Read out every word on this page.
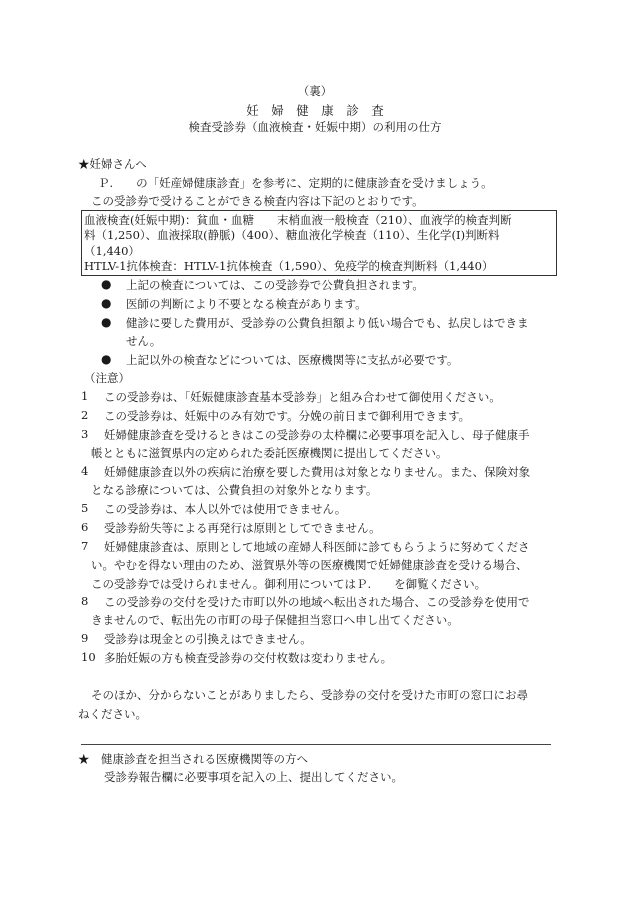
（裏）
妊　婦　健　康　診　査
検査受診券（血液検査・妊娠中期）の利用の仕方
★妊婦さんへ
Ｐ.　　の「妊産婦健康診査」を参考に、定期的に健康診査を受けましょう。
この受診券で受けることができる検査内容は下記のとおりです。
血液検査(妊娠中期)：貧血・血糖　　末梢血液一般検査（210）、血液学的検査判断
料（1,250）、血液採取(静脈)（400）、糖血液化学検査（110）、生化学(Ⅰ)判断料
（1,440）
HTLV-1抗体検査：HTLV-1抗体検査（1,590）、免疫学的検査判断料（1,440）
● 上記の検査については、この受診券で公費負担されます。
● 医師の判断により不要となる検査があります。
● 健診に要した費用が、受診券の公費負担額より低い場合でも、払戻しはできま
せん。
● 上記以外の検査などについては、医療機関等に支払が必要です。
（注意）
1 この受診券は、「妊娠健康診査基本受診券」と組み合わせて御使用ください。
2 この受診券は、妊娠中のみ有効です。分娩の前日まで御利用できます。
3 妊婦健康診査を受けるときはこの受診券の太枠欄に必要事項を記入し、母子健康手
帳とともに滋賀県内の定められた委託医療機関に提出してください。
4 妊婦健康診査以外の疾病に治療を要した費用は対象となりません。また、保険対象
となる診療については、公費負担の対象外となります。
5 この受診券は、本人以外では使用できません。
6 受診券紛失等による再発行は原則としてできません。
7 妊婦健康診査は、原則として地域の産婦人科医師に診てもらうように努めてくださ
い。やむを得ない理由のため、滋賀県外等の医療機関で妊婦健康診査を受ける場合、
この受診券では受けられません。御利用についてはＰ.　　を御覧ください。
8 この受診券の交付を受けた市町以外の地域へ転出された場合、この受診券を使用で
きませんので、転出先の市町の母子保健担当窓口へ申し出てください。
9 受診券は現金との引換えはできません。
10 多胎妊娠の方も検査受診券の交付枚数は変わりません。
そのほか、分からないことがありましたら、受診券の交付を受けた市町の窓口にお尋
ねください。
★　健康診査を担当される医療機関等の方へ
受診券報告欄に必要事項を記入の上、提出してください。
